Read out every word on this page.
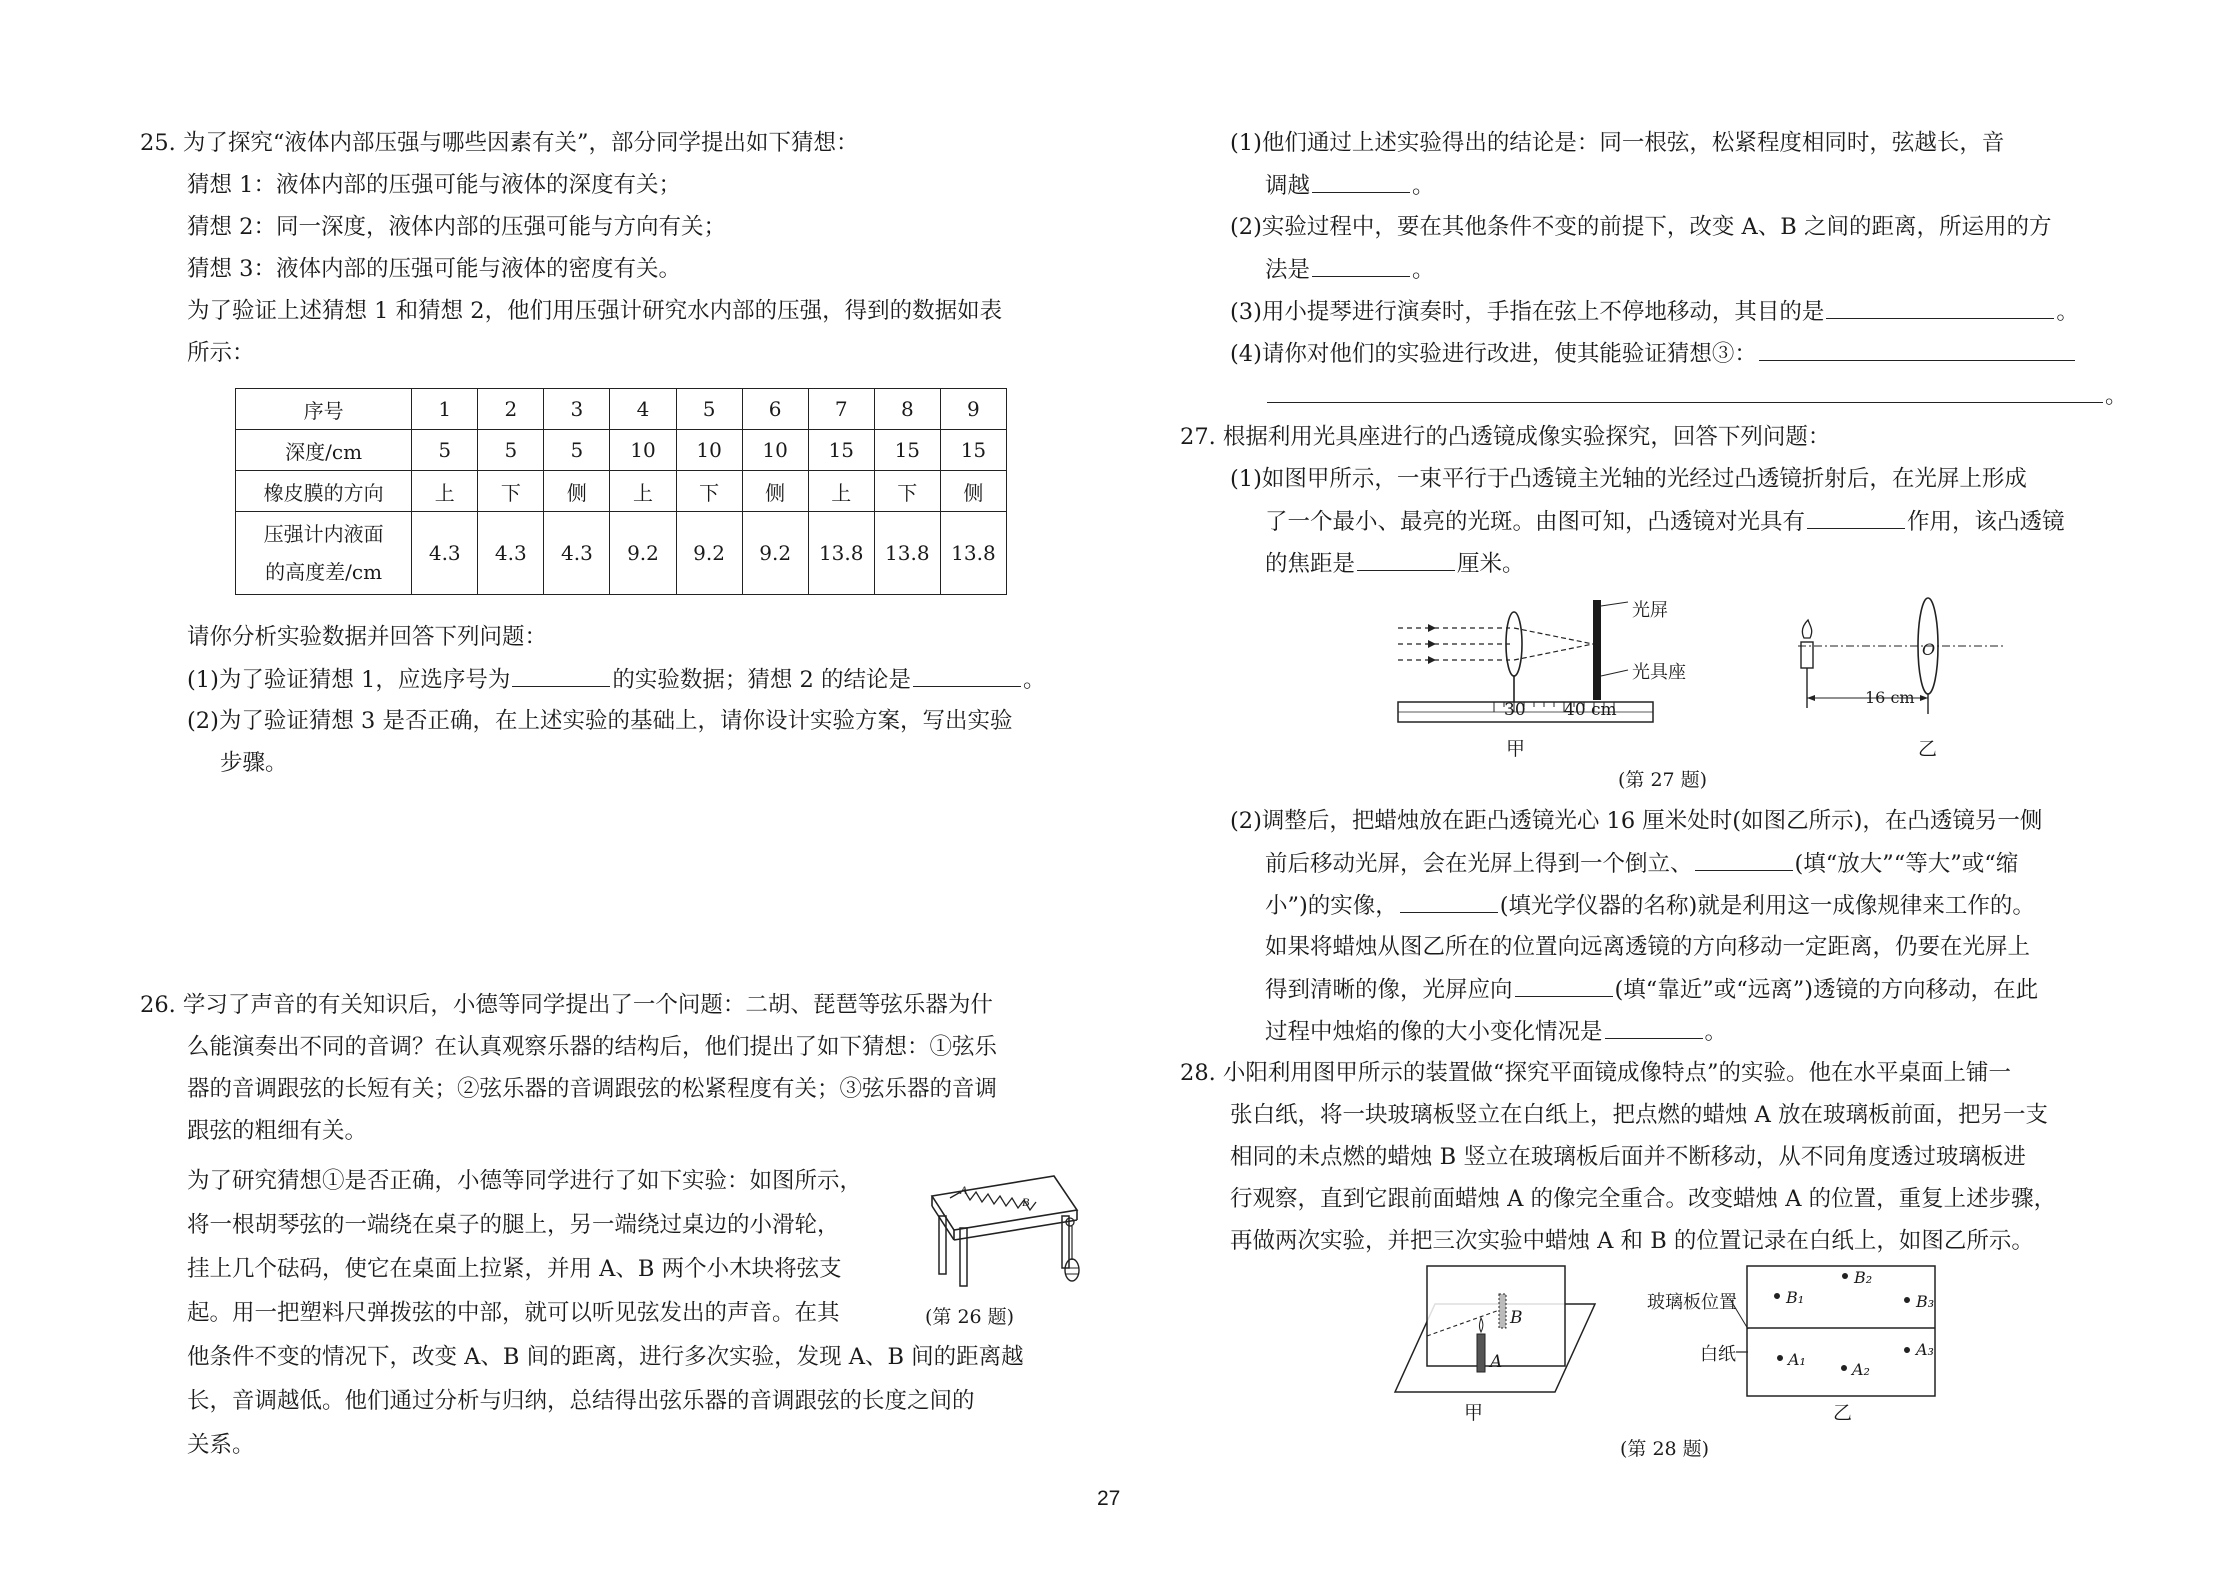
25. 为了探究“液体内部压强与哪些因素有关”，部分同学提出如下猜想：
猜想 1：液体内部的压强可能与液体的深度有关；
猜想 2：同一深度，液体内部的压强可能与方向有关；
猜想 3：液体内部的压强可能与液体的密度有关。
为了验证上述猜想 1 和猜想 2，他们用压强计研究水内部的压强，得到的数据如表
所示：
序号	1	2	3	4	5	6	7	8	9
深度/cm	5	5	5	10	10	10	15	15	15
橡皮膜的方向	上	下	侧	上	下	侧	上	下	侧

压强计内液面
的高度差/cm	4.3	4.3	4.3	9.2	9.2	9.2	13.8	13.8	13.8
请你分析实验数据并回答下列问题：
(1)为了验证猜想 1，应选序号为	的实验数据；猜想 2 的结论是	。
(2)为了验证猜想 3 是否正确，在上述实验的基础上，请你设计实验方案，写出实验
步骤。
26. 学习了声音的有关知识后，小德等同学提出了一个问题：二胡、琵琶等弦乐器为什
么能演奏出不同的音调？在认真观察乐器的结构后，他们提出了如下猜想：①弦乐
器的音调跟弦的长短有关；②弦乐器的音调跟弦的松紧程度有关；③弦乐器的音调
跟弦的粗细有关。
为了研究猜想①是否正确，小德等同学进行了如下实验：如图所示，
将一根胡琴弦的一端绕在桌子的腿上，另一端绕过桌边的小滑轮，
挂上几个砝码，使它在桌面上拉紧，并用 A、B 两个小木块将弦支
起。用一把塑料尺弹拨弦的中部，就可以听见弦发出的声音。在其
他条件不变的情况下，改变 A、B 间的距离，进行多次实验，发现 A、B 间的距离越
长，音调越低。他们通过分析与归纳，总结得出弦乐器的音调跟弦的长度之间的
关系。
A
B
(第 26 题)
(1)他们通过上述实验得出的结论是：同一根弦，松紧程度相同时，弦越长，音
调越	。
(2)实验过程中，要在其他条件不变的前提下，改变 A、B 之间的距离，所运用的方
法是	。
(3)用小提琴进行演奏时，手指在弦上不停地移动，其目的是	。
(4)请你对他们的实验进行改进，使其能验证猜想③：
。
27. 根据利用光具座进行的凸透镜成像实验探究，回答下列问题：
(1)如图甲所示，一束平行于凸透镜主光轴的光经过凸透镜折射后，在光屏上形成
了一个最小、最亮的光斑。由图可知，凸透镜对光具有	作用，该凸透镜
的焦距是	厘米。
光屏
光具座
30 40 cm
甲
16 cm
O
乙
(第 27 题)
(2)调整后，把蜡烛放在距凸透镜光心 16 厘米处时(如图乙所示)，在凸透镜另一侧
前后移动光屏，会在光屏上得到一个倒立、	(填“放大”“等大”或“缩
小”)的实像，	(填光学仪器的名称)就是利用这一成像规律来工作的。
如果将蜡烛从图乙所在的位置向远离透镜的方向移动一定距离，仍要在光屏上
得到清晰的像，光屏应向	(填“靠近”或“远离”)透镜的方向移动，在此
过程中烛焰的像的大小变化情况是	。
28. 小阳利用图甲所示的装置做“探究平面镜成像特点”的实验。他在水平桌面上铺一
张白纸，将一块玻璃板竖立在白纸上，把点燃的蜡烛 A 放在玻璃板前面，把另一支
相同的未点燃的蜡烛 B 竖立在玻璃板后面并不断移动，从不同角度透过玻璃板进
行观察，直到它跟前面蜡烛 A 的像完全重合。改变蜡烛 A 的位置，重复上述步骤，
再做两次实验，并把三次实验中蜡烛 A 和 B 的位置记录在白纸上，如图乙所示。
A
B
甲
B₁
B₂
B₃
A₁
A₂
A₃
玻璃板位置
白纸
乙
(第 28 题)
27
